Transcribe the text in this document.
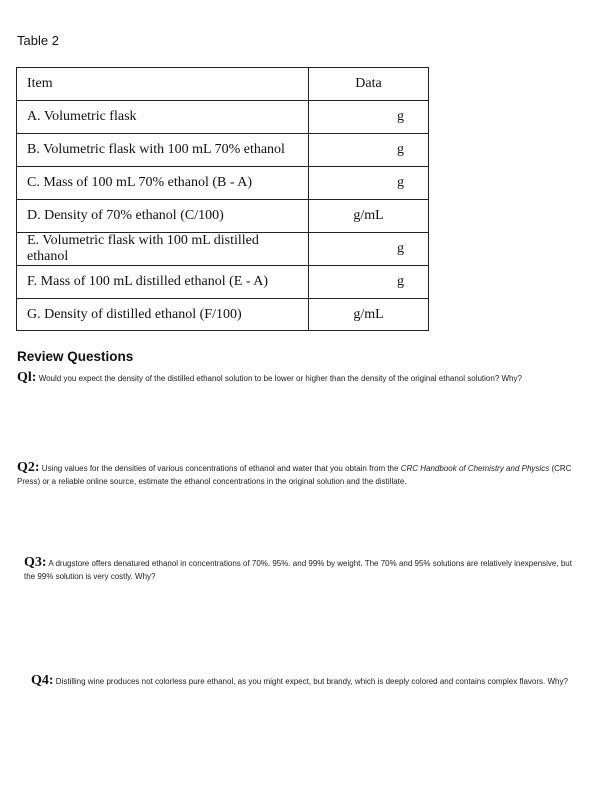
Table 2
Item	Data
A. Volumetric flask	g
B. Volumetric flask with 100 mL 70% ethanol	g
C. Mass of 100 mL 70% ethanol (B - A)	g
D. Density of 70% ethanol (C/100)	g/mL
E. Volumetric flask with 100 mL distilled ethanol	g
F. Mass of 100 mL distilled ethanol (E - A)	g
G. Density of distilled ethanol (F/100)	g/mL
Review Questions
Ql: Would you expect the density of the distilled ethanol solution to be lower or higher than the density of the original ethanol solution? Why?
Q2: Using values for the densities of various concentrations of ethanol and water that you obtain from the CRC Handbook of Chemistry and Physics (CRC Press) or a reliable online source, estimate the ethanol concentrations in the original solution and the distillate.
Q3: A drugstore offers denatured ethanol in concentrations of 70%. 95%. and 99% by weight. The 70% and 95% solutions are relatively inexpensive, but the 99% solution is very costly. Why?
Q4: Distilling wine produces not colorless pure ethanol, as you might expect, but brandy, which is deeply colored and contains complex flavors. Why?
